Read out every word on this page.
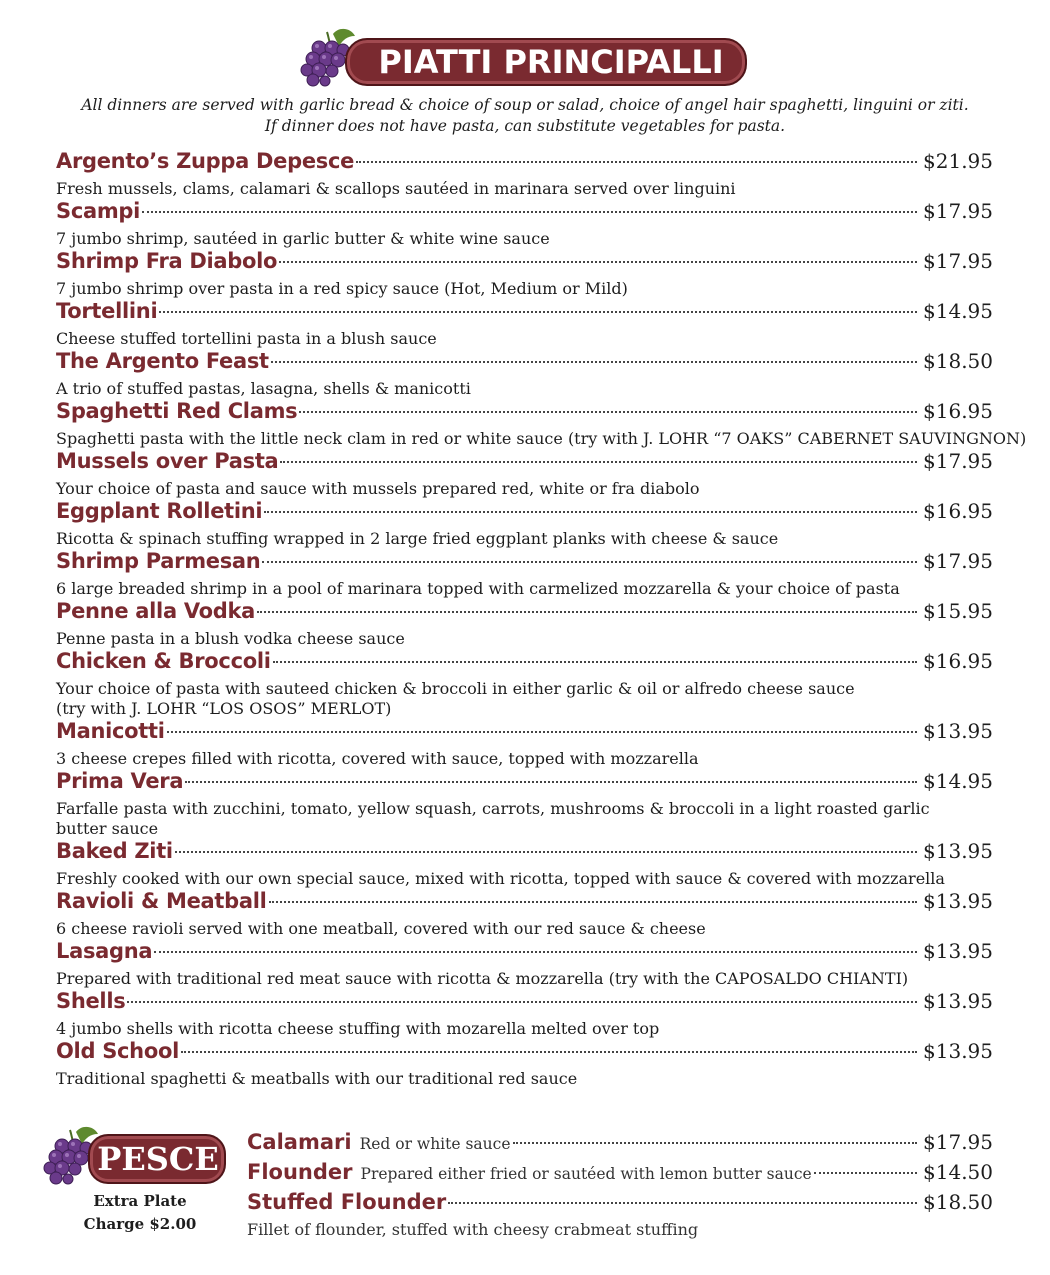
PIATTI PRINCIPALLI
All dinners are served with garlic bread & choice of soup or salad, choice of angel hair spaghetti, linguini or ziti.
If dinner does not have pasta, can substitute vegetables for pasta.
Argento’s Zuppa Depesce	$21.95
Fresh mussels, clams, calamari & scallops sautéed in marinara served over linguini
Scampi	$17.95
7 jumbo shrimp, sautéed in garlic butter & white wine sauce
Shrimp Fra Diabolo	$17.95
7 jumbo shrimp over pasta in a red spicy sauce (Hot, Medium or Mild)
Tortellini	$14.95
Cheese stuffed tortellini pasta in a blush sauce
The Argento Feast	$18.50
A trio of stuffed pastas, lasagna, shells & manicotti
Spaghetti Red Clams	$16.95
Spaghetti pasta with the little neck clam in red or white sauce (try with J. LOHR “7 OAKS” CABERNET SAUVINGNON)
Mussels over Pasta	$17.95
Your choice of pasta and sauce with mussels prepared red, white or fra diabolo
Eggplant Rolletini	$16.95
Ricotta & spinach stuffing wrapped in 2 large fried eggplant planks with cheese & sauce
Shrimp Parmesan	$17.95
6 large breaded shrimp in a pool of marinara topped with carmelized mozzarella & your choice of pasta
Penne alla Vodka	$15.95
Penne pasta in a blush vodka cheese sauce
Chicken & Broccoli	$16.95
Your choice of pasta with sauteed chicken & broccoli in either garlic & oil or alfredo cheese sauce
(try with J. LOHR “LOS OSOS” MERLOT)
Manicotti	$13.95
3 cheese crepes filled with ricotta, covered with sauce, topped with mozzarella
Prima Vera	$14.95
Farfalle pasta with zucchini, tomato, yellow squash, carrots, mushrooms & broccoli in a light roasted garlic
butter sauce
Baked Ziti	$13.95
Freshly cooked with our own special sauce, mixed with ricotta, topped with sauce & covered with mozzarella
Ravioli & Meatball	$13.95
6 cheese ravioli served with one meatball, covered with our red sauce & cheese
Lasagna	$13.95
Prepared with traditional red meat sauce with ricotta & mozzarella (try with the CAPOSALDO CHIANTI)
Shells	$13.95
4 jumbo shells with ricotta cheese stuffing with mozarella melted over top
Old School	$13.95
Traditional spaghetti & meatballs with our traditional red sauce
PESCE
Extra Plate
Charge $2.00
Calamari Red or white sauce	$17.95
Flounder Prepared either fried or sautéed with lemon butter sauce	$14.50
Stuffed Flounder	$18.50
Fillet of flounder, stuffed with cheesy crabmeat stuffing
